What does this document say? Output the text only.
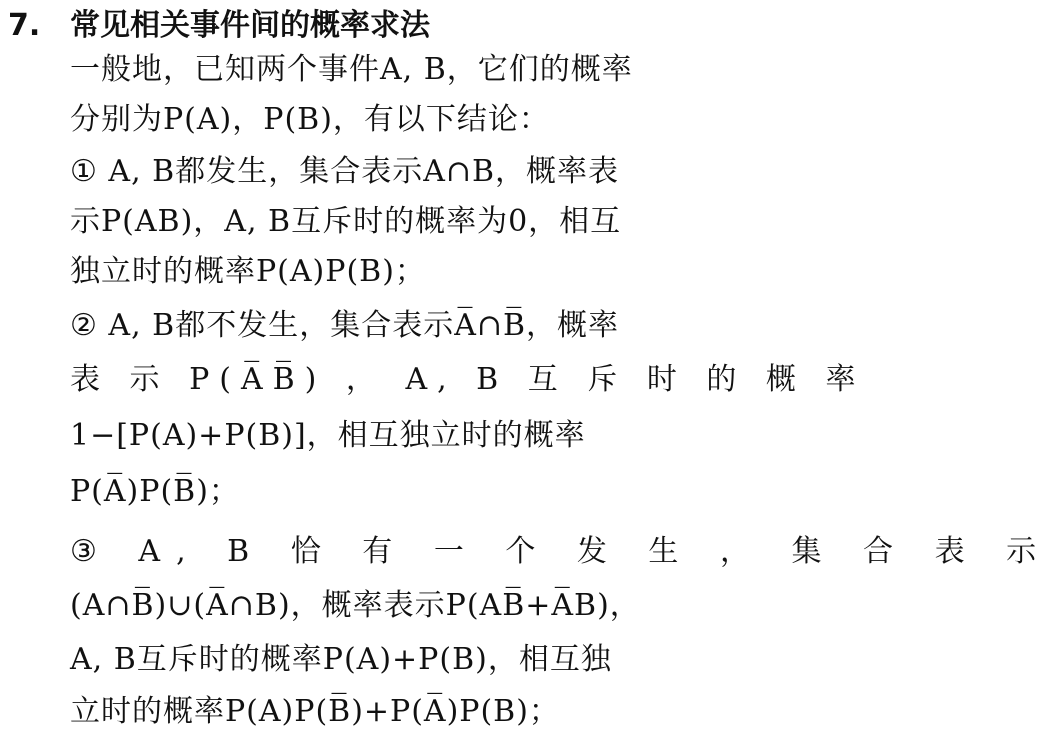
7. 常见相关事件间的概率求法
一般地，已知两个事件A, B，它们的概率
分别为P(A)，P(B)，有以下结论：
① A, B都发生，集合表示A∩B，概率表
示P(AB)，A, B互斥时的概率为0，相互
独立时的概率P(A)P(B)；
② A, B都不发生，集合表示A̅∩B̅，概率
表 示 P(A̅B̅) ， A, B 互 斥 时 的 概 率
1−[P(A)+P(B)]，相互独立时的概率
P(A̅)P(B̅)；
③ A, B 恰 有 一 个 发 生 ， 集 合 表 示
(A∩B̅)∪(A̅∩B)，概率表示P(AB̅+A̅B)，
A, B互斥时的概率P(A)+P(B)，相互独
立时的概率P(A)P(B̅)+P(A̅)P(B)；
